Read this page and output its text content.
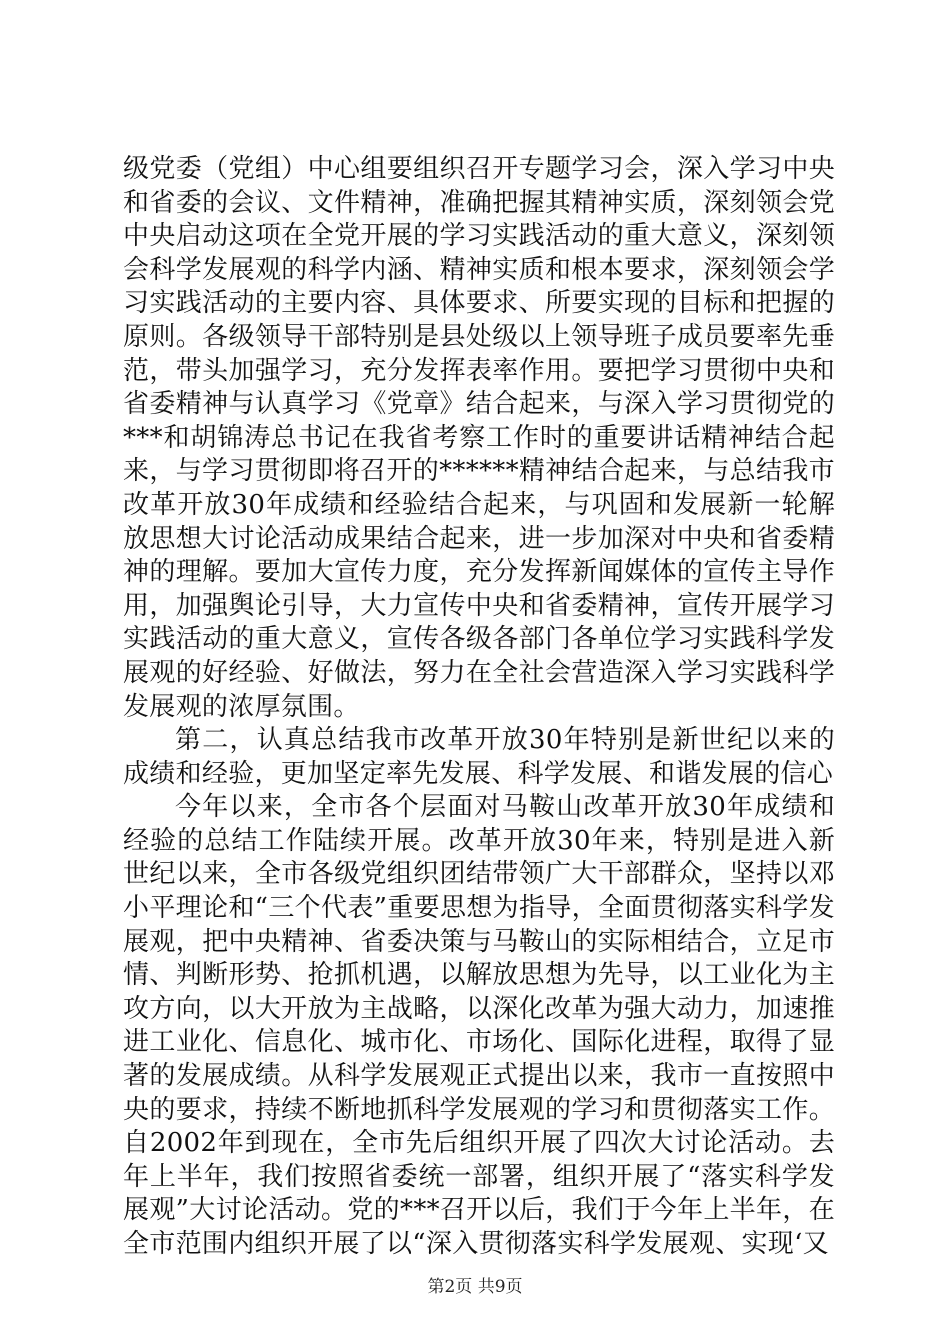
级党委（党组）中心组要组织召开专题学习会，深入学习中央和省委的会议、文件精神，准确把握其精神实质，深刻领会党中央启动这项在全党开展的学习实践活动的重大意义，深刻领会科学发展观的科学内涵、精神实质和根本要求，深刻领会学习实践活动的主要内容、具体要求、所要实现的目标和把握的原则。各级领导干部特别是县处级以上领导班子成员要率先垂范，带头加强学习，充分发挥表率作用。要把学习贯彻中央和省委精神与认真学习《党章》结合起来，与深入学习贯彻党的***和胡锦涛总书记在我省考察工作时的重要讲话精神结合起来，与学习贯彻即将召开的******精神结合起来，与总结我市改革开放30年成绩和经验结合起来，与巩固和发展新一轮解放思想大讨论活动成果结合起来，进一步加深对中央和省委精神的理解。要加大宣传力度，充分发挥新闻媒体的宣传主导作用，加强舆论引导，大力宣传中央和省委精神，宣传开展学习实践活动的重大意义，宣传各级各部门各单位学习实践科学发展观的好经验、好做法，努力在全社会营造深入学习实践科学发展观的浓厚氛围。

第二，认真总结我市改革开放30年特别是新世纪以来的成绩和经验，更加坚定率先发展、科学发展、和谐发展的信心

今年以来，全市各个层面对马鞍山改革开放30年成绩和经验的总结工作陆续开展。改革开放30年来，特别是进入新世纪以来，全市各级党组织团结带领广大干部群众，坚持以邓小平理论和“三个代表”重要思想为指导，全面贯彻落实科学发展观，把中央精神、省委决策与马鞍山的实际相结合，立足市情、判断形势、抢抓机遇，以解放思想为先导，以工业化为主攻方向，以大开放为主战略，以深化改革为强大动力，加速推进工业化、信息化、城市化、市场化、国际化进程，取得了显著的发展成绩。从科学发展观正式提出以来，我市一直按照中央的要求，持续不断地抓科学发展观的学习和贯彻落实工作。自2002年到现在，全市先后组织开展了四次大讨论活动。去年上半年，我们按照省委统一部署，组织开展了“落实科学发展观”大讨论活动。党的***召开以后，我们于今年上半年，在全市范围内组织开展了以“深入贯彻落实科学发展观、实现‘又

第2页 共9页
